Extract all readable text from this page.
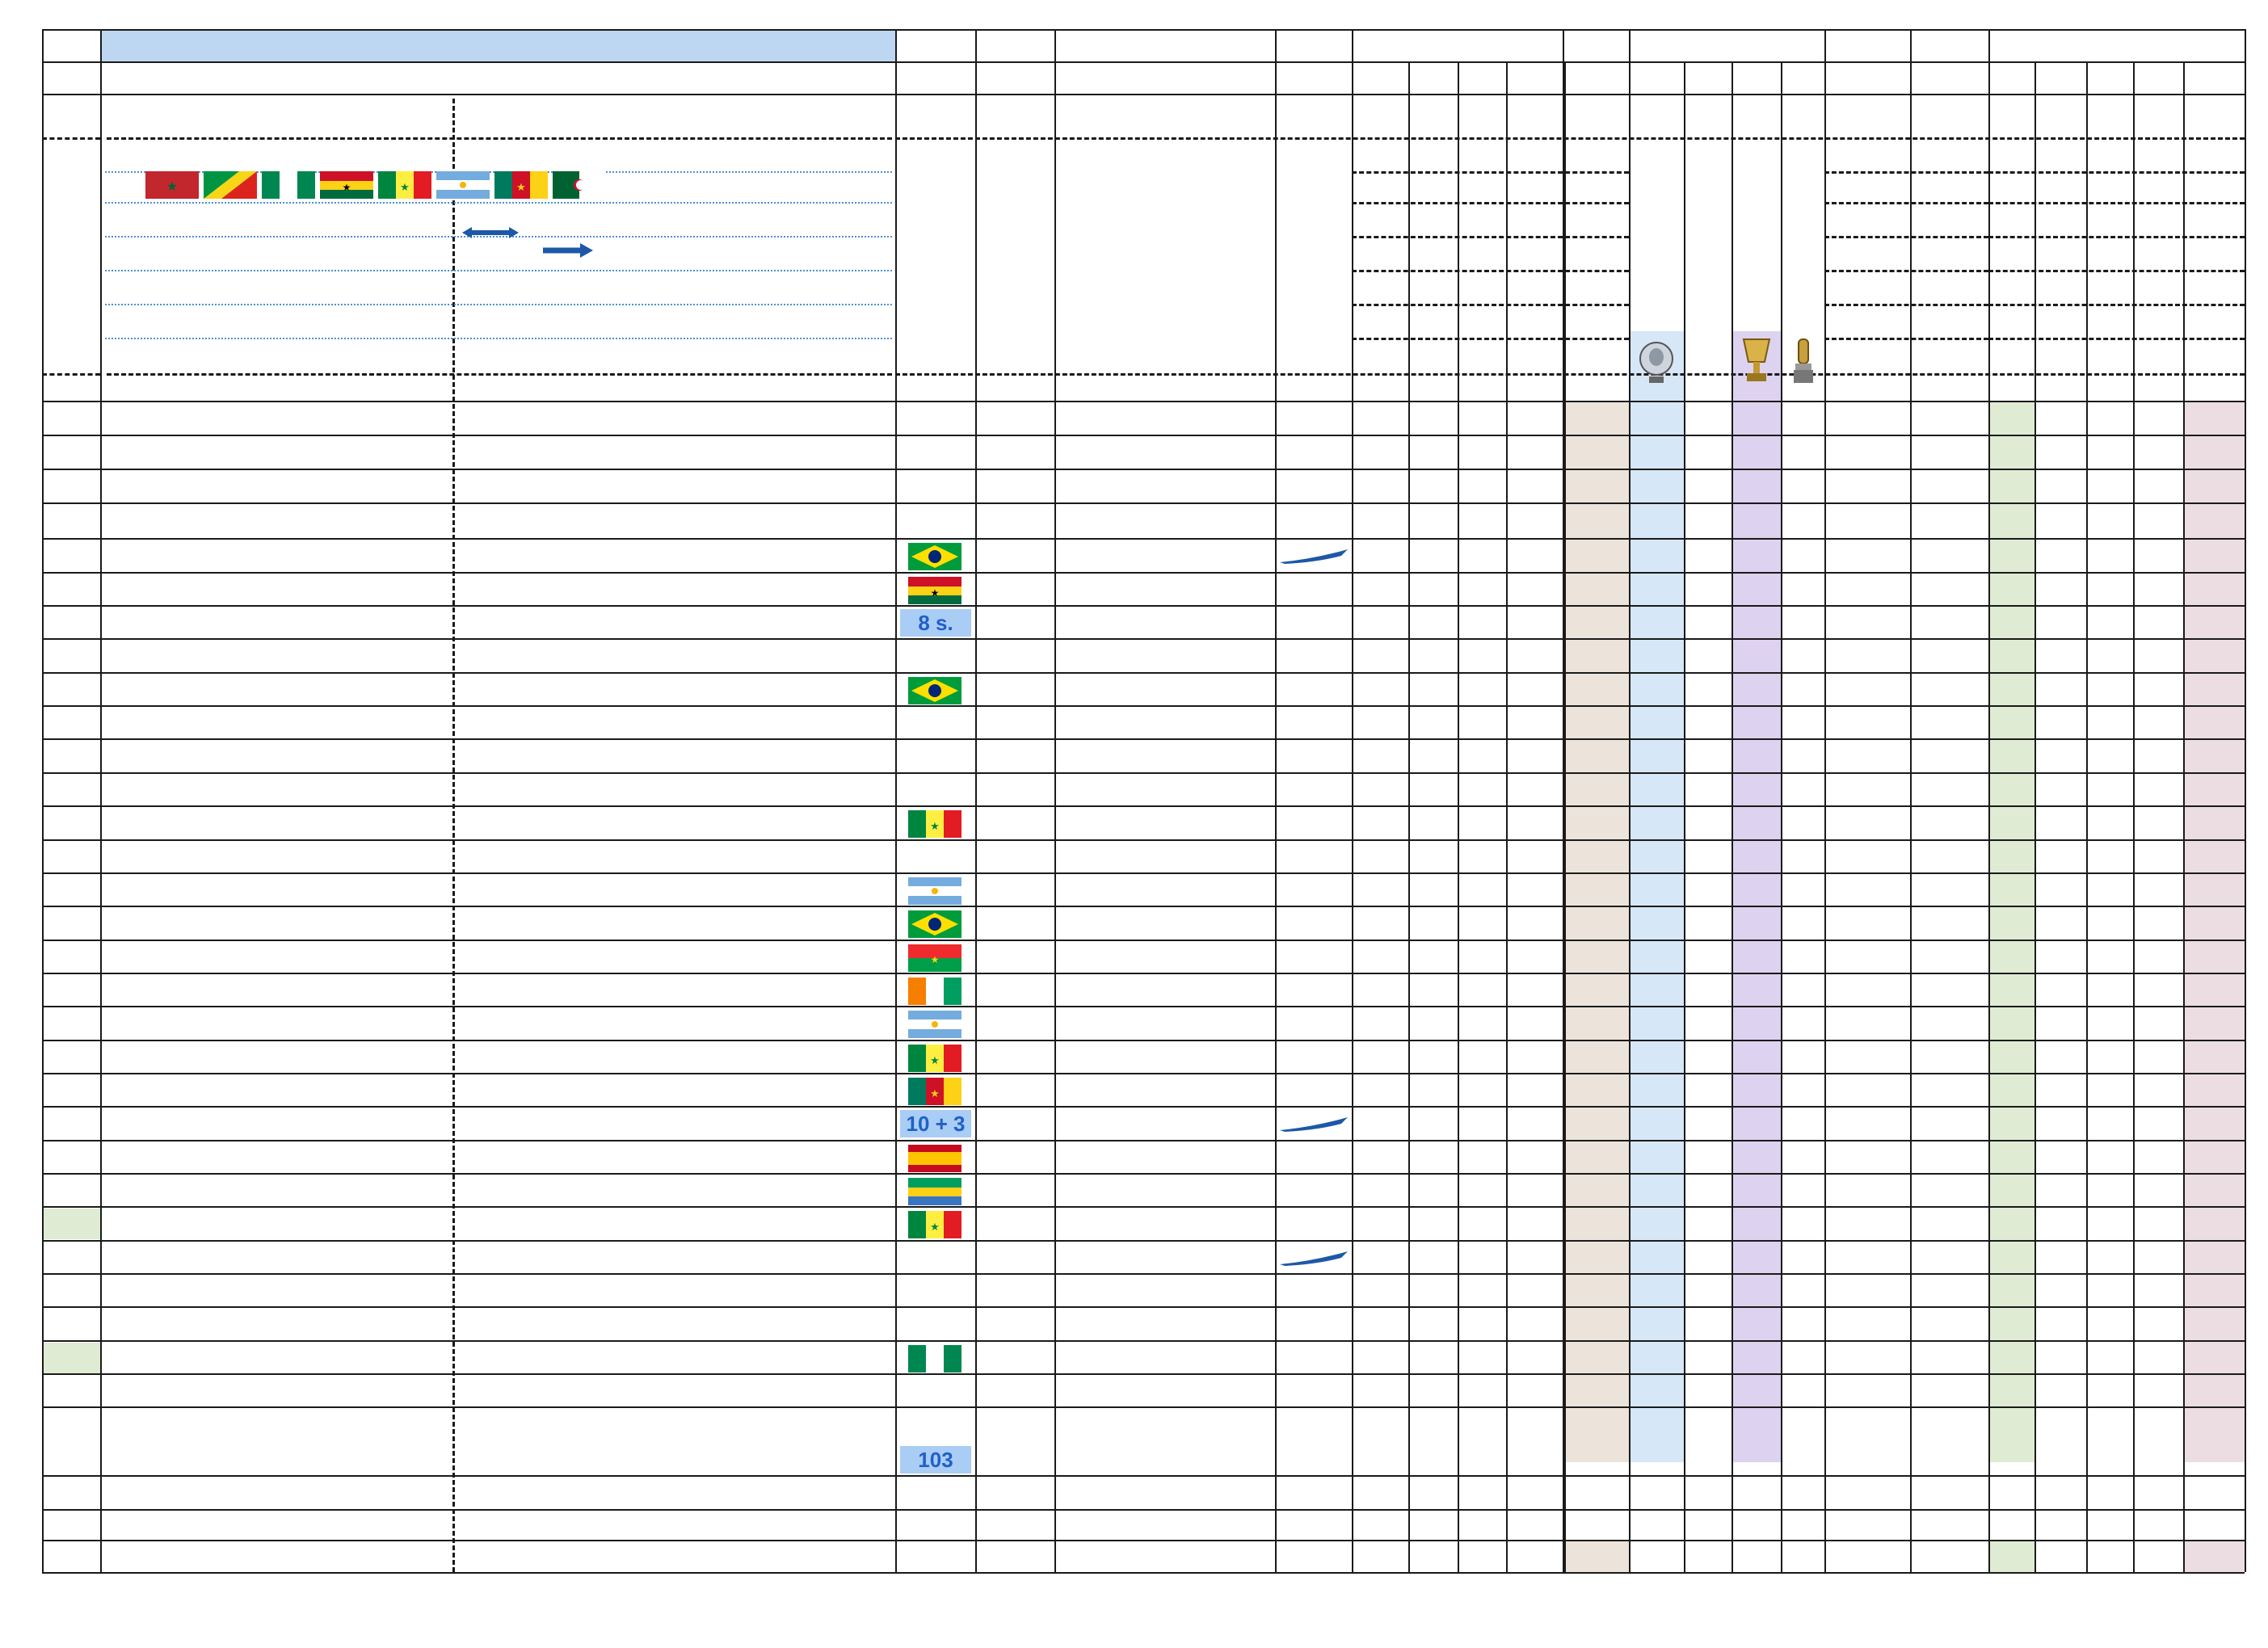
★	★	★	★
★
8 s.
★
★
★
★
10 + 3
★
103
